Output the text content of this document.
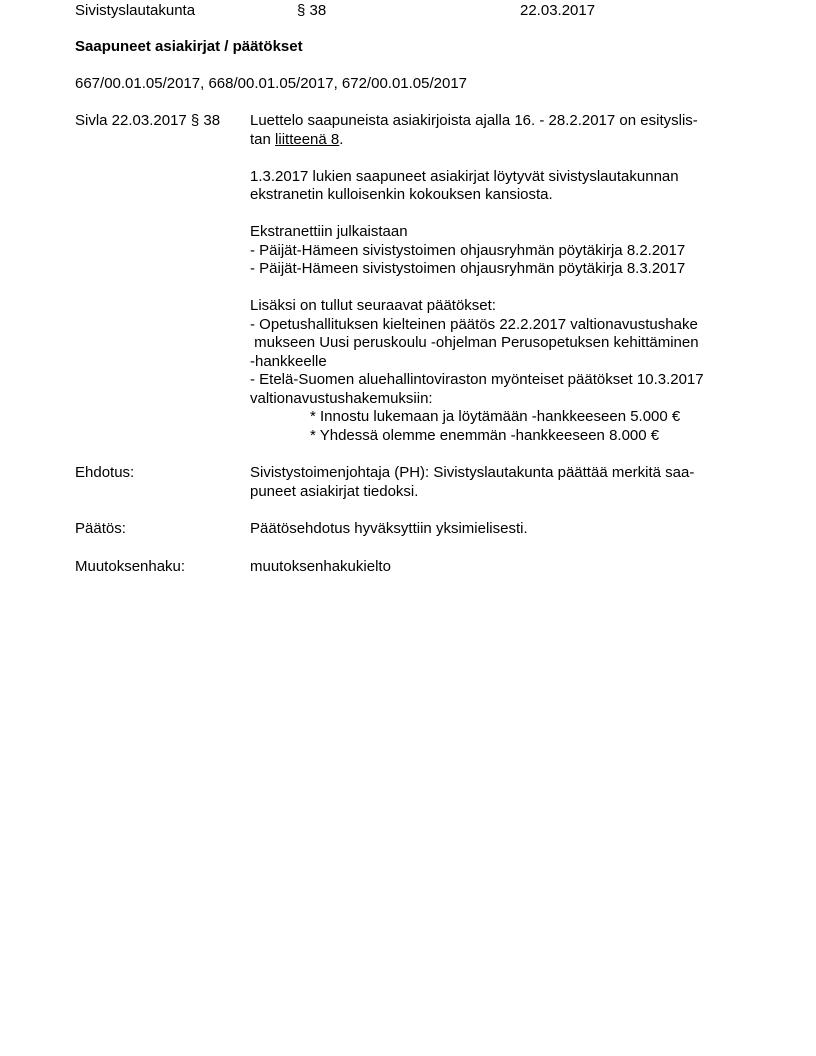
Sivistyslautakunta	§ 38	22.03.2017
Saapuneet asiakirjat / päätökset
667/00.01.05/2017, 668/00.01.05/2017, 672/00.01.05/2017
Sivla 22.03.2017 § 38	Luettelo saapuneista asiakirjoista ajalla 16. - 28.2.2017 on esityslis-
tan liitteenä 8.

1.3.2017 lukien saapuneet asiakirjat löytyvät sivistyslautakunnan
ekstranetin kulloisenkin kokouksen kansiosta.

Ekstranettiin julkaistaan
- Päijät-Hämeen sivistystoimen ohjausryhmän pöytäkirja 8.2.2017
- Päijät-Hämeen sivistystoimen ohjausryhmän pöytäkirja 8.3.2017

Lisäksi on tullut seuraavat päätökset:
- Opetushallituksen kielteinen päätös 22.2.2017 valtionavustushake
mukseen Uusi peruskoulu -ohjelman Perusopetuksen kehittäminen
-hankkeelle
- Etelä-Suomen aluehallintoviraston myönteiset päätökset 10.3.2017
valtionavustushakemuksiin:
* Innostu lukemaan ja löytämään -hankkeeseen 5.000 €
* Yhdessä olemme enemmän -hankkeeseen 8.000 €
Ehdotus:	Sivistystoimenjohtaja (PH): Sivistyslautakunta päättää merkitä saa-
puneet asiakirjat tiedoksi.
Päätös:	Päätösehdotus hyväksyttiin yksimielisesti.
Muutoksenhaku:	muutoksenhakukielto
